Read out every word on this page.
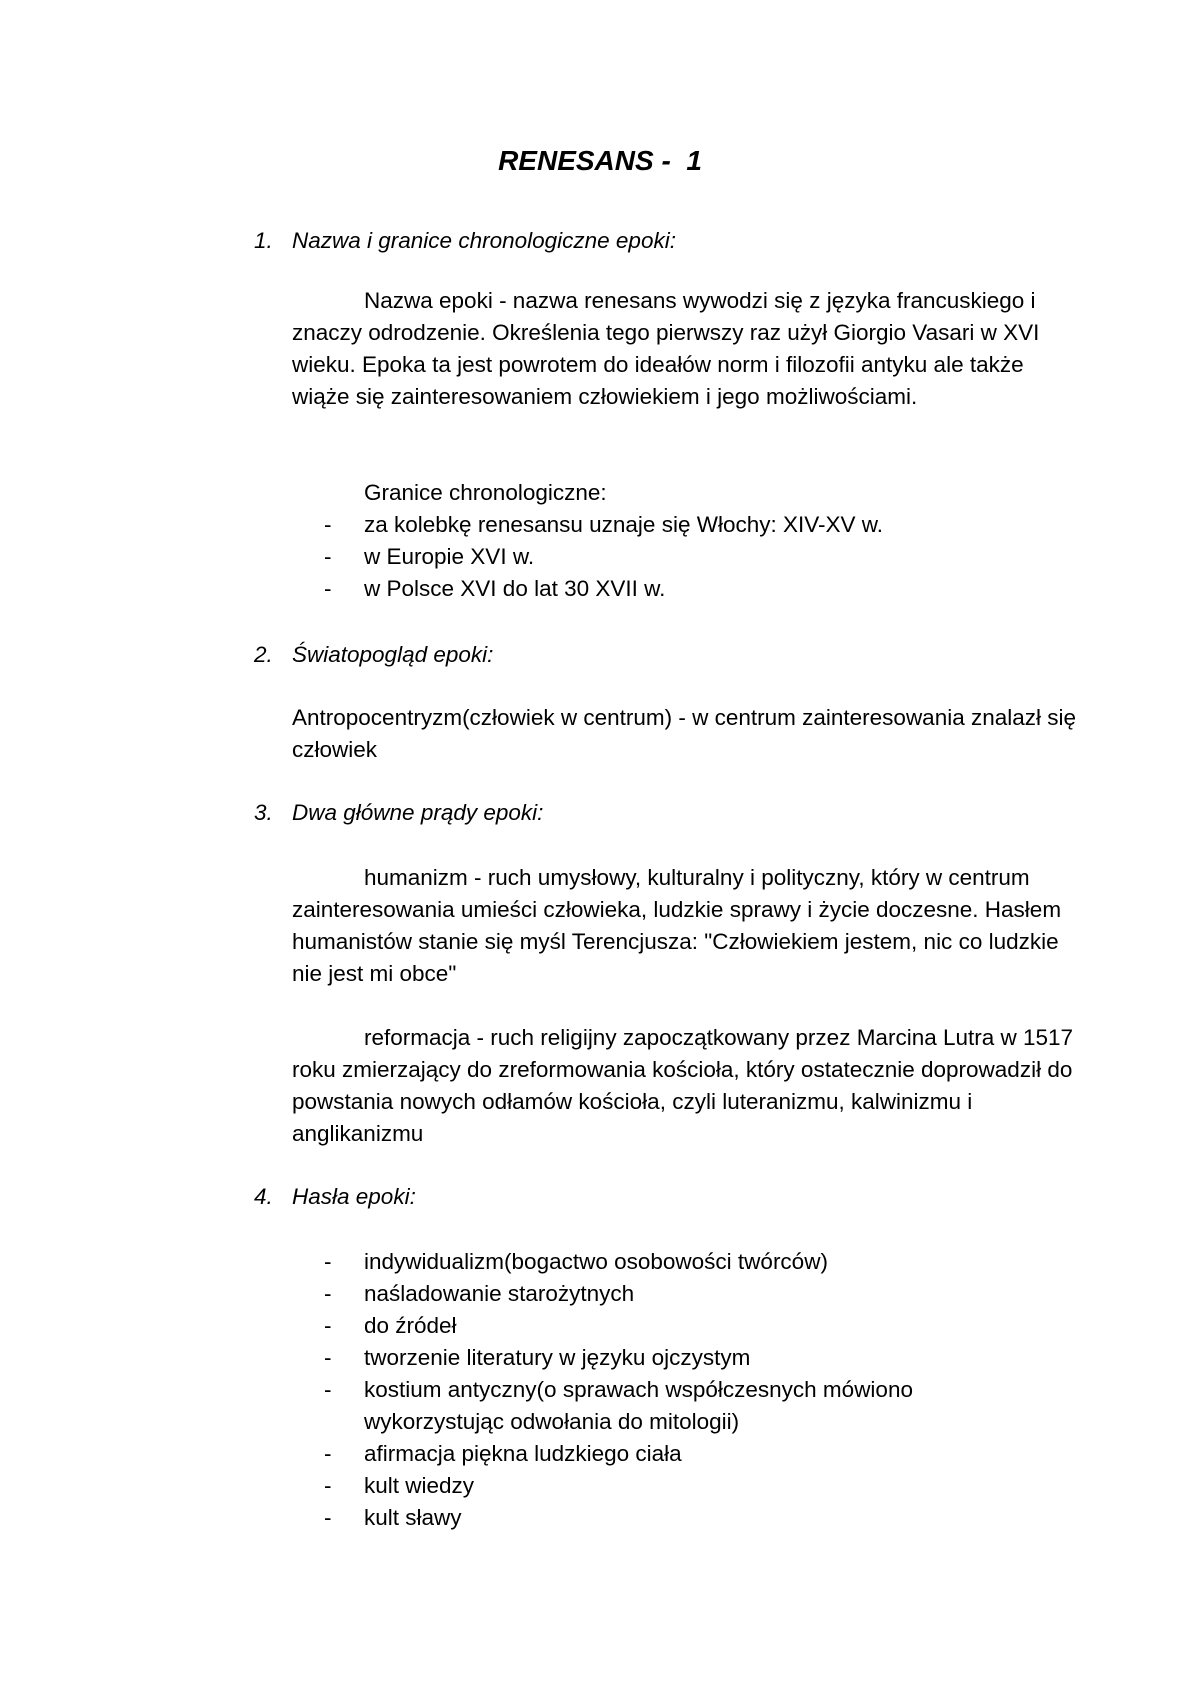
RENESANS -  1
1. Nazwa i granice chronologiczne epoki:
Nazwa epoki - nazwa renesans wywodzi się z języka francuskiego i znaczy odrodzenie. Określenia tego pierwszy raz użył Giorgio Vasari w XVI wieku. Epoka ta jest powrotem do ideałów norm i filozofii antyku ale także wiąże się zainteresowaniem człowiekiem i jego możliwościami.
Granice chronologiczne:
- za kolebkę renesansu uznaje się Włochy: XIV-XV w.
- w Europie XVI w.
- w Polsce XVI do lat 30 XVII w.
2. Światopogląd epoki:
Antropocentryzm(człowiek w centrum) - w centrum zainteresowania znalazł się człowiek
3. Dwa główne prądy epoki:
humanizm - ruch umysłowy, kulturalny i polityczny, który w centrum zainteresowania umieści człowieka, ludzkie sprawy i życie doczesne. Hasłem humanistów stanie się myśl Terencjusza: "Człowiekiem jestem, nic co ludzkie nie jest mi obce"
reformacja - ruch religijny zapoczątkowany przez Marcina Lutra w 1517 roku zmierzający do zreformowania kościoła, który ostatecznie doprowadził do powstania nowych odłamów kościoła, czyli luteranizmu, kalwinizmu i anglikanizmu
4. Hasła epoki:
- indywidualizm(bogactwo osobowości twórców)
- naśladowanie starożytnych
- do źródeł
- tworzenie literatury w języku ojczystym
- kostium antyczny(o sprawach współczesnych mówiono wykorzystując odwołania do mitologii)
- afirmacja piękna ludzkiego ciała
- kult wiedzy
- kult sławy
